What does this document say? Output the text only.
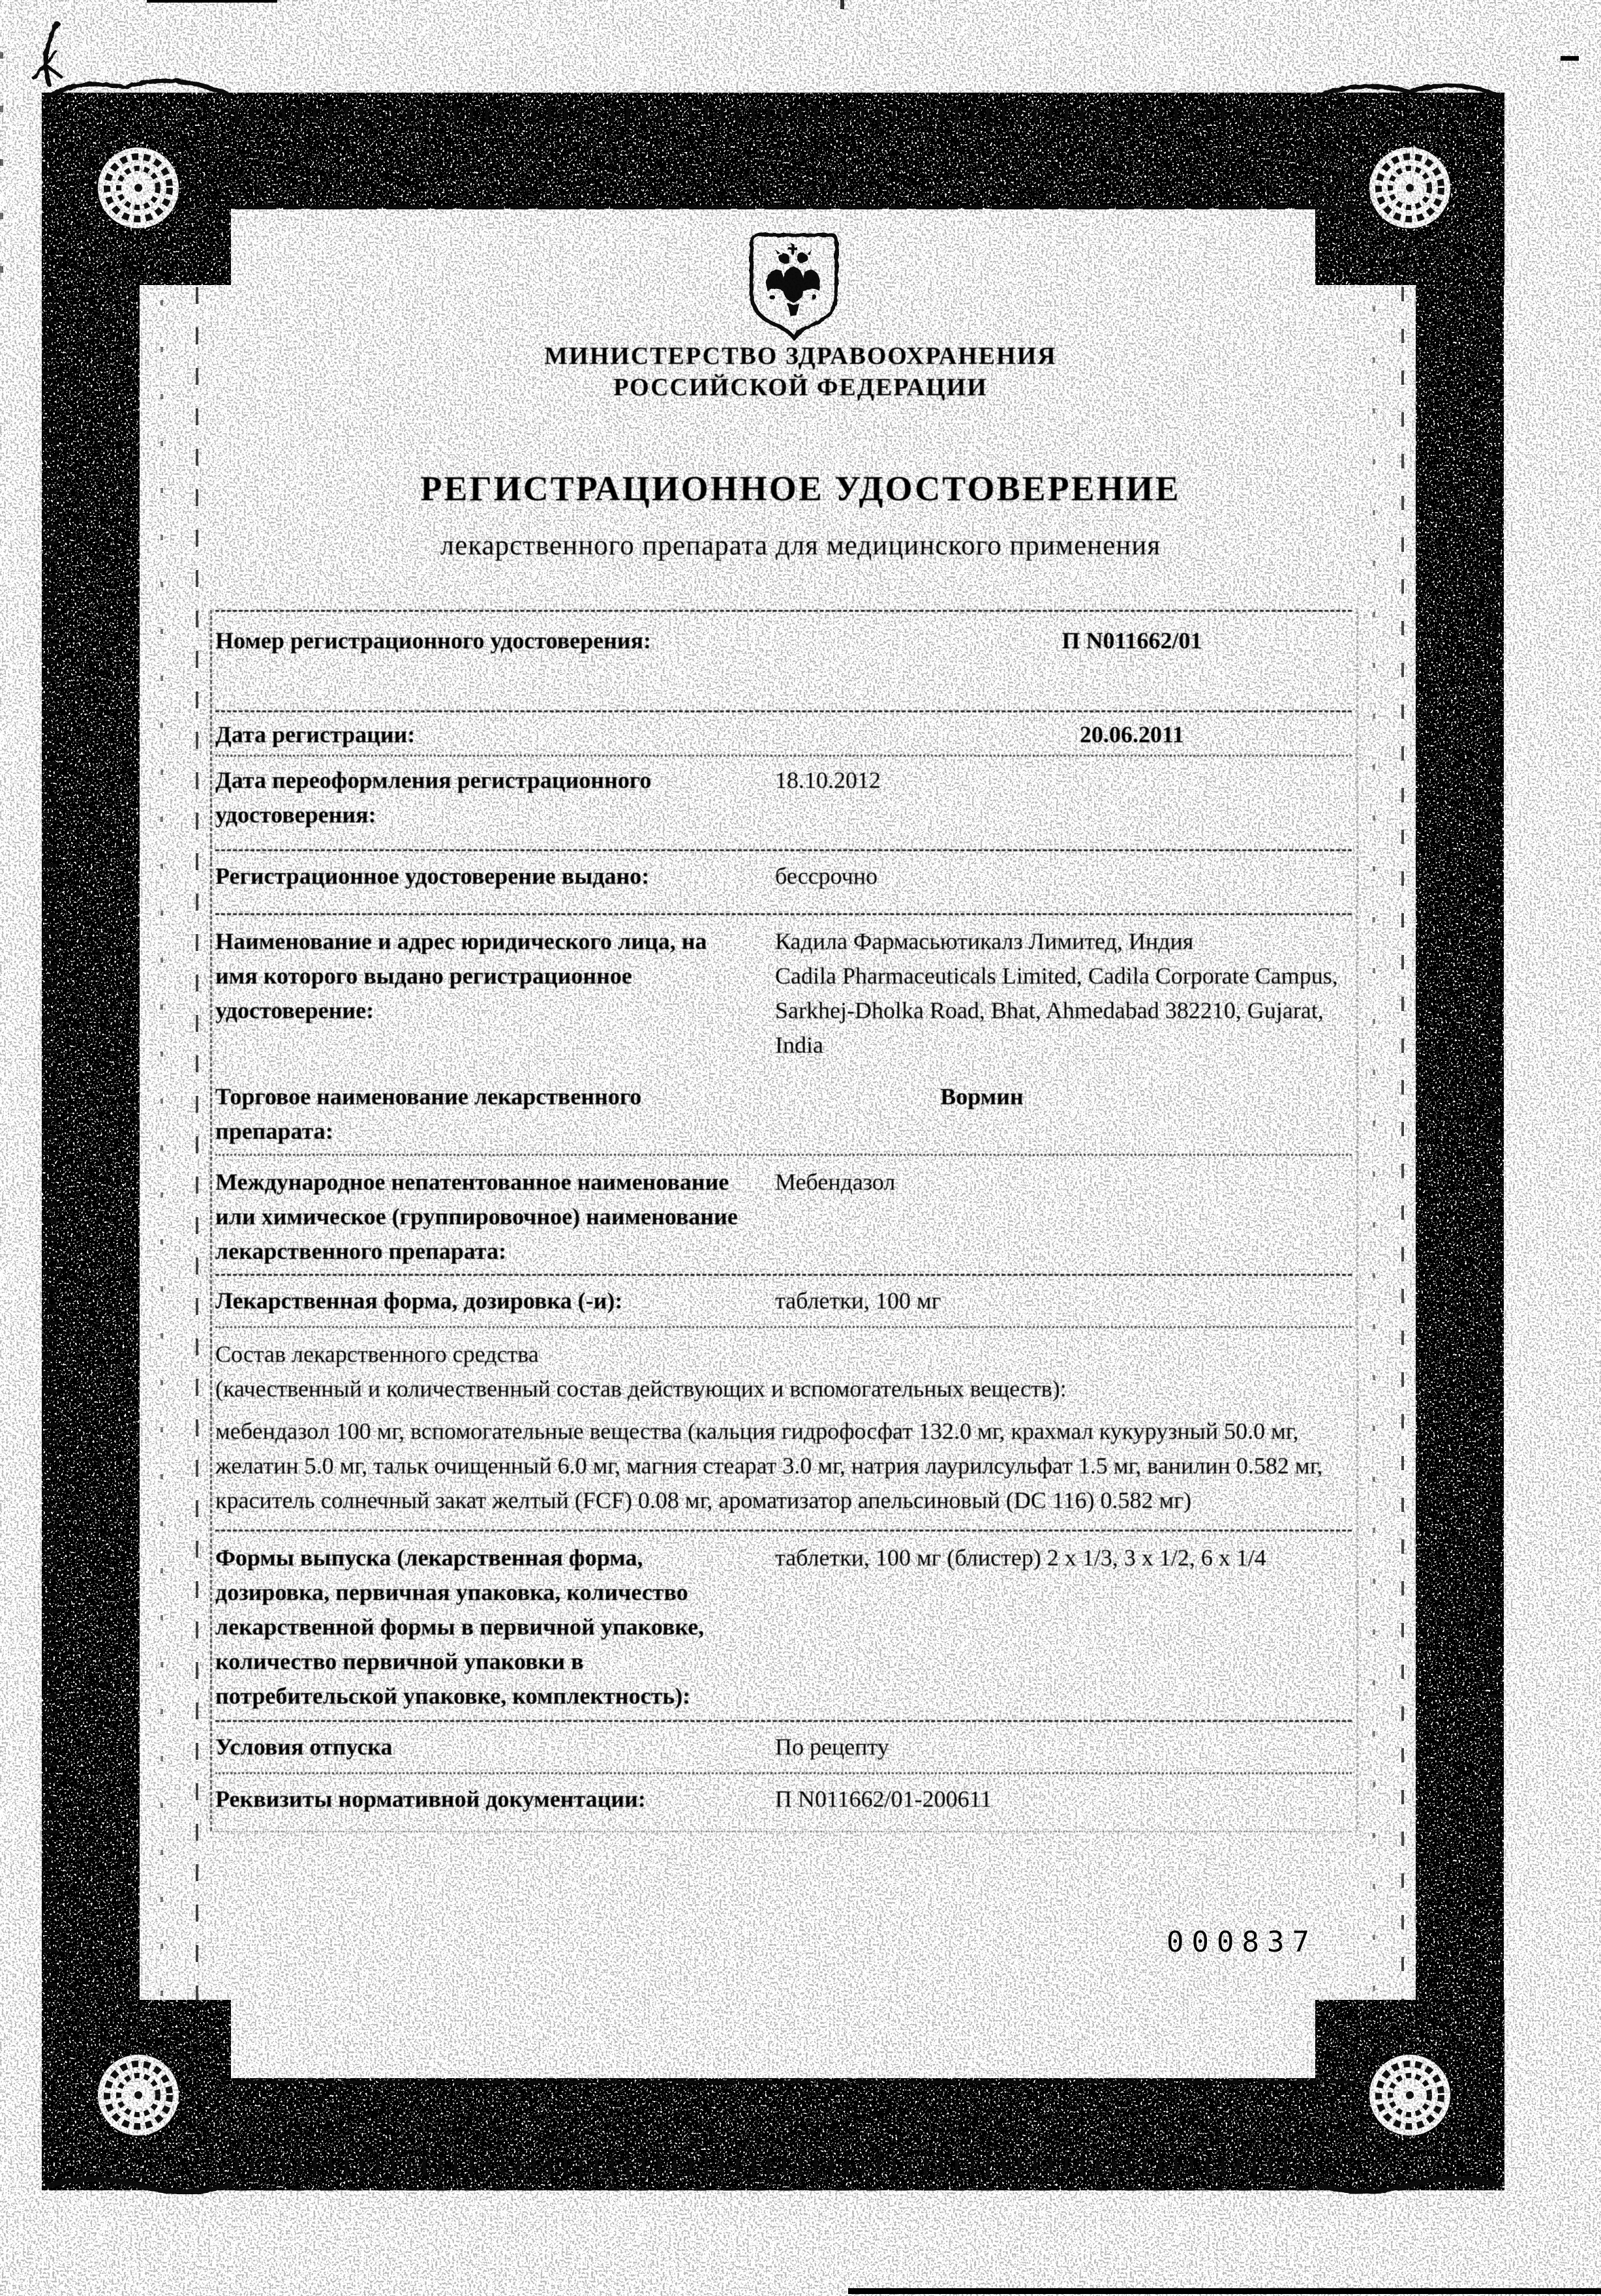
МИНИСТЕРСТВО ЗДРАВООХРАНЕНИЯ
РОССИЙСКОЙ ФЕДЕРАЦИИ
РЕГИСТРАЦИОННОЕ УДОСТОВЕРЕНИЕ
лекарственного препарата для медицинского применения
Номер регистрационного удостоверения:	П N011662/01
Дата регистрации:	20.06.2011
Дата переоформления регистрационного удостоверения:
18.10.2012
Регистрационное удостоверение выдано:	бессрочно
Наименование и адрес юридического лица, на имя которого выдано регистрационное удостоверение:
Кадила Фармасьютикалз Лимитед, Индия
Cadila Pharmaceuticals Limited, Cadila Corporate Campus, Sarkhej-Dholka Road, Bhat, Ahmedabad 382210, Gujarat, India
Торговое наименование лекарственного препарата:
Вормин
Международное непатентованное наименование или химическое (группировочное) наименование лекарственного препарата:
Мебендазол
Лекарственная форма, дозировка (-и):	таблетки, 100 мг
Состав лекарственного средства
(качественный и количественный состав действующих и вспомогательных веществ):
мебендазол 100 мг, вспомогательные вещества (кальция гидрофосфат 132.0 мг, крахмал кукурузный 50.0 мг, желатин 5.0 мг, тальк очищенный 6.0 мг, магния стеарат 3.0 мг, натрия лаурилсульфат 1.5 мг, ванилин 0.582 мг, краситель солнечный закат желтый (FCF) 0.08 мг, ароматизатор апельсиновый (DC 116) 0.582 мг)
Формы выпуска (лекарственная форма, дозировка, первичная упаковка, количество лекарственной формы в первичной упаковке, количество первичной упаковки в потребительской упаковке, комплектность):
таблетки, 100 мг (блистер) 2 х 1/3, 3 х 1/2, 6 х 1/4
Условия отпуска	По рецепту
Реквизиты нормативной документации:	П N011662/01-200611
000837
